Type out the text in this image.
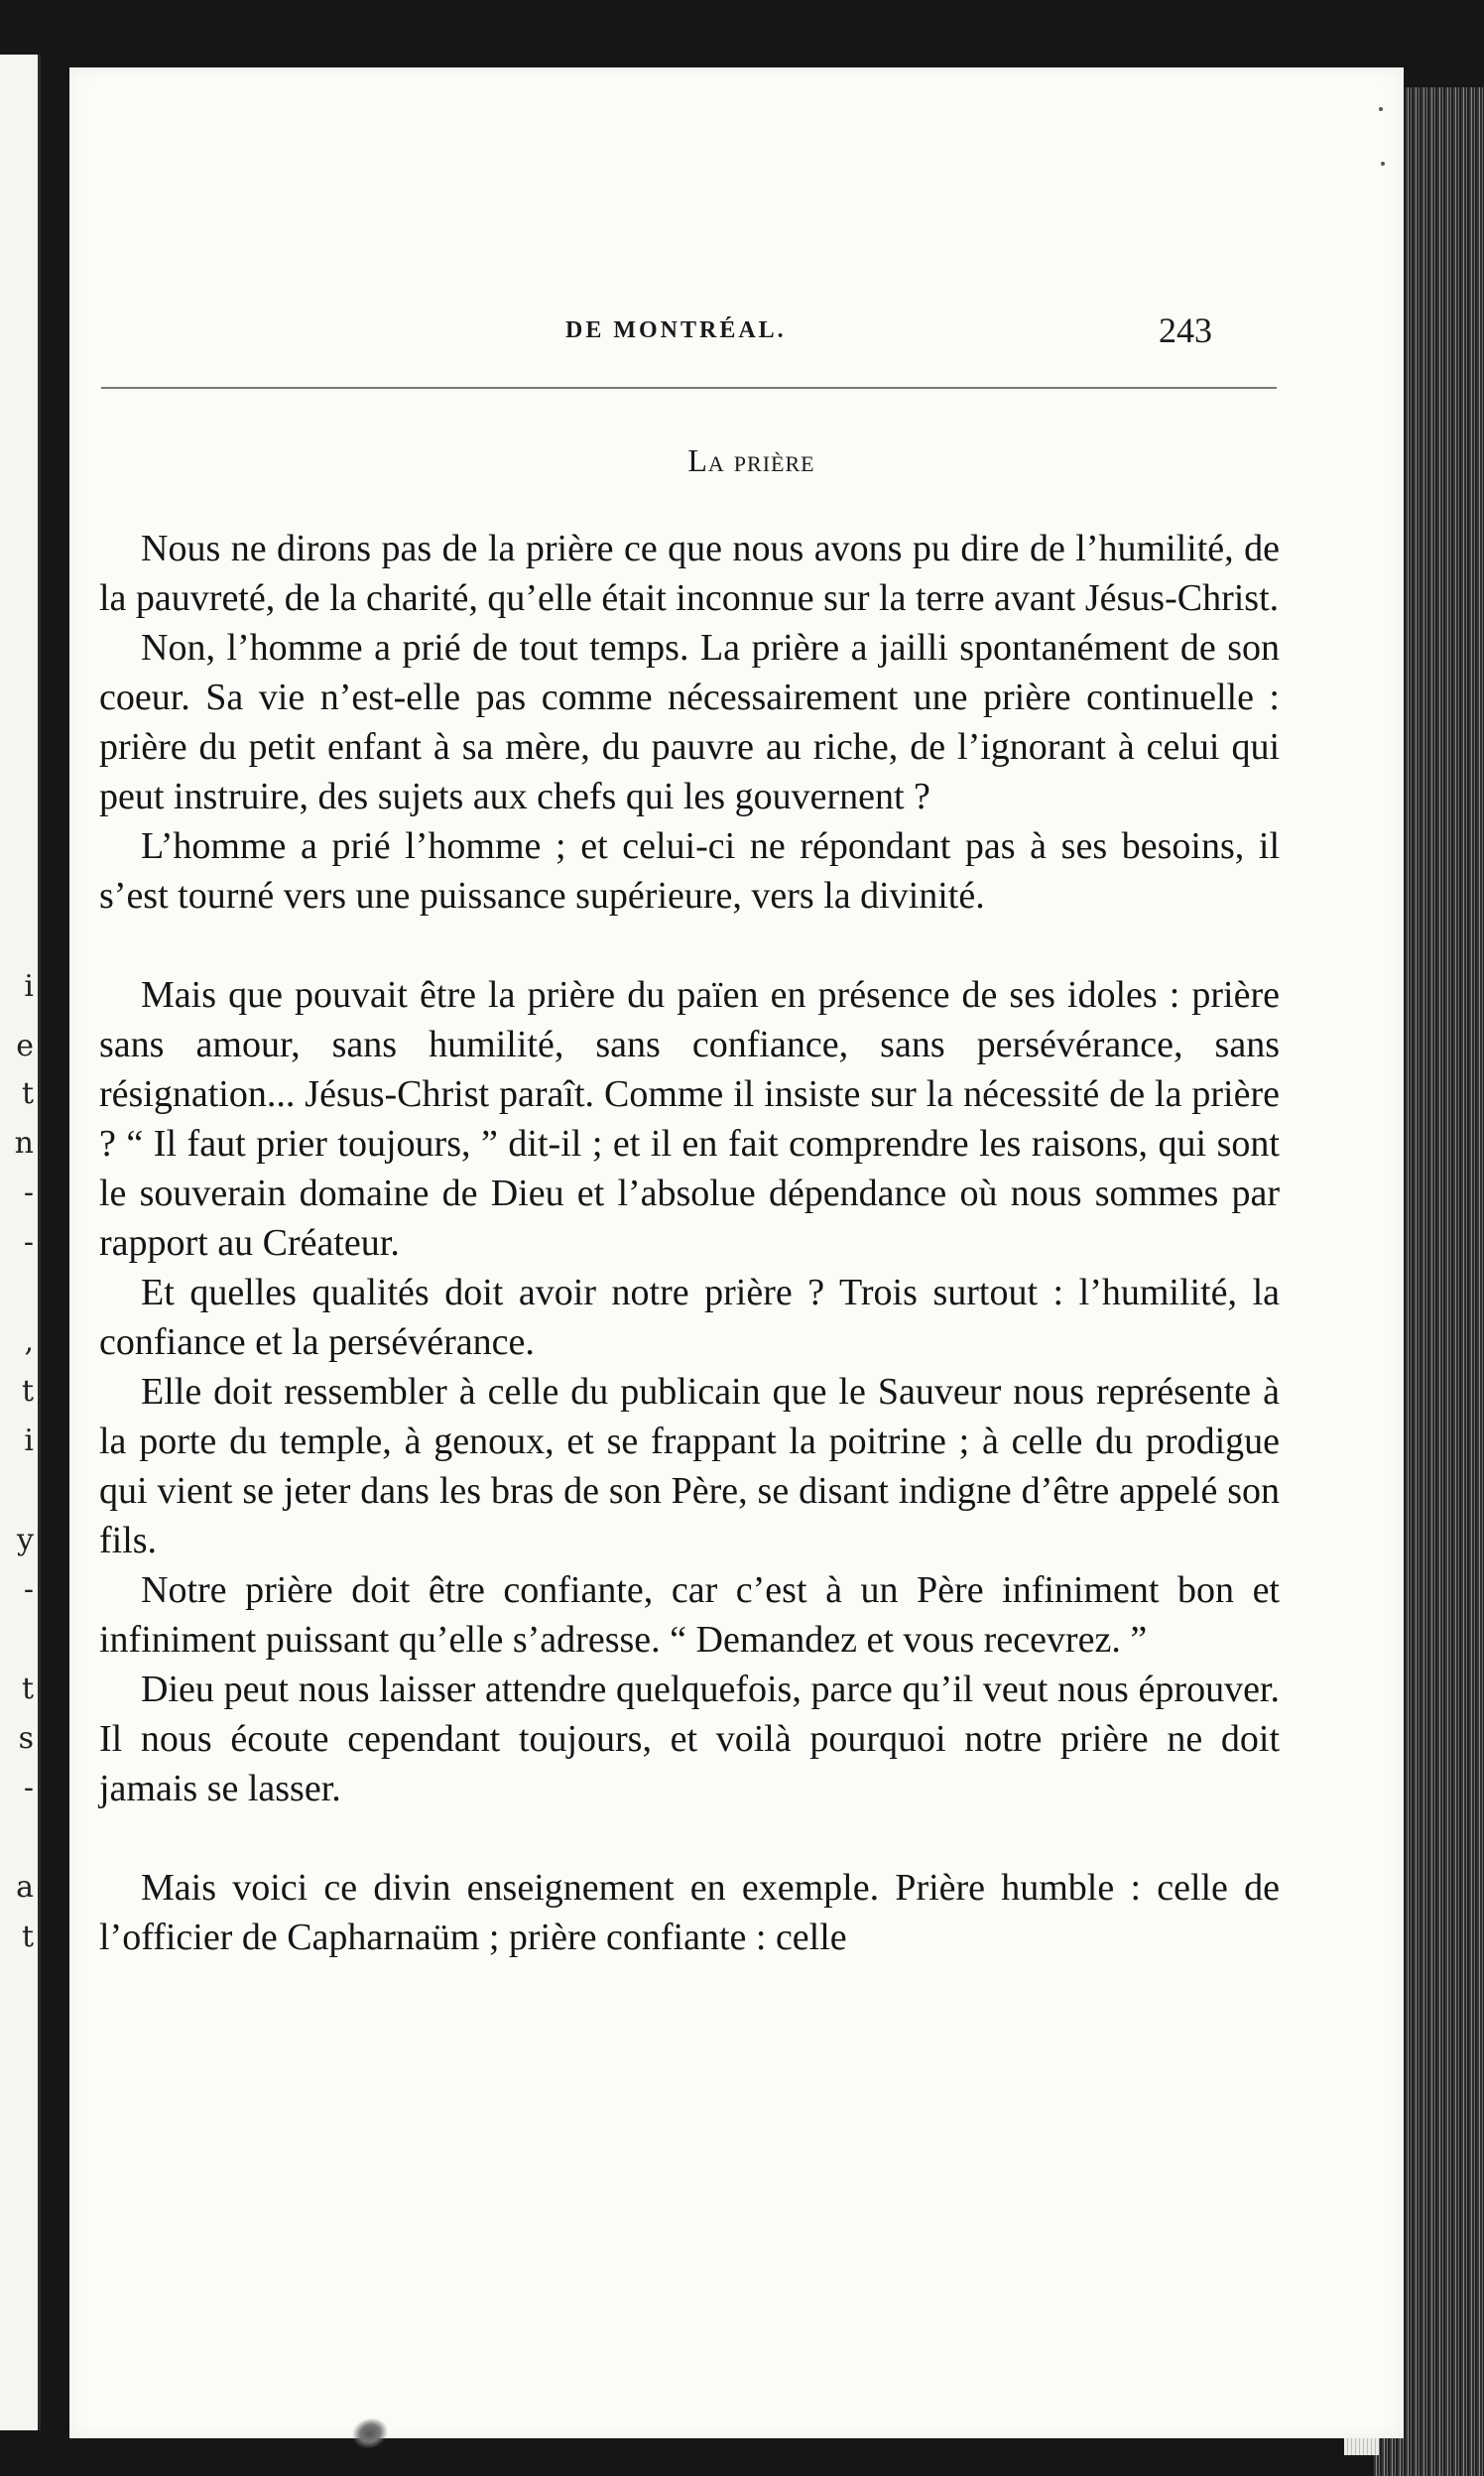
i
e
t
n
-
-
,
t
i
y
-
t
s
-
a
t
DE MONTRÉAL.	243
La prière

Nous ne dirons pas de la prière ce que nous avons pu dire de l’humilité, de la pauvreté, de la charité, qu’elle était inconnue sur la terre avant Jésus-Christ.

Non, l’homme a prié de tout temps. La prière a jailli spontanément de son coeur. Sa vie n’est-elle pas comme nécessairement une prière continuelle : prière du petit enfant à sa mère, du pauvre au riche, de l’ignorant à celui qui peut instruire, des sujets aux chefs qui les gouvernent ?

L’homme a prié l’homme ; et celui-ci ne répondant pas à ses besoins, il s’est tourné vers une puissance supérieure, vers la divinité.

Mais que pouvait être la prière du païen en présence de ses idoles : prière sans amour, sans humilité, sans confiance, sans persévérance, sans résignation... Jésus-Christ paraît. Comme il insiste sur la nécessité de la prière ? “ Il faut prier toujours, ” dit-il ; et il en fait comprendre les raisons, qui sont le souverain domaine de Dieu et l’absolue dépendance où nous sommes par rapport au Créateur.

Et quelles qualités doit avoir notre prière ? Trois surtout : l’humilité, la confiance et la persévérance.

Elle doit ressembler à celle du publicain que le Sauveur nous représente à la porte du temple, à genoux, et se frappant la poitrine ; à celle du prodigue qui vient se jeter dans les bras de son Père, se disant indigne d’être appelé son fils.

Notre prière doit être confiante, car c’est à un Père infiniment bon et infiniment puissant qu’elle s’adresse. “ Demandez et vous recevrez. ”

Dieu peut nous laisser attendre quelquefois, parce qu’il veut nous éprouver. Il nous écoute cependant toujours, et voilà pourquoi notre prière ne doit jamais se lasser.

Mais voici ce divin enseignement en exemple. Prière humble : celle de l’officier de Capharnaüm ; prière confiante : celle
